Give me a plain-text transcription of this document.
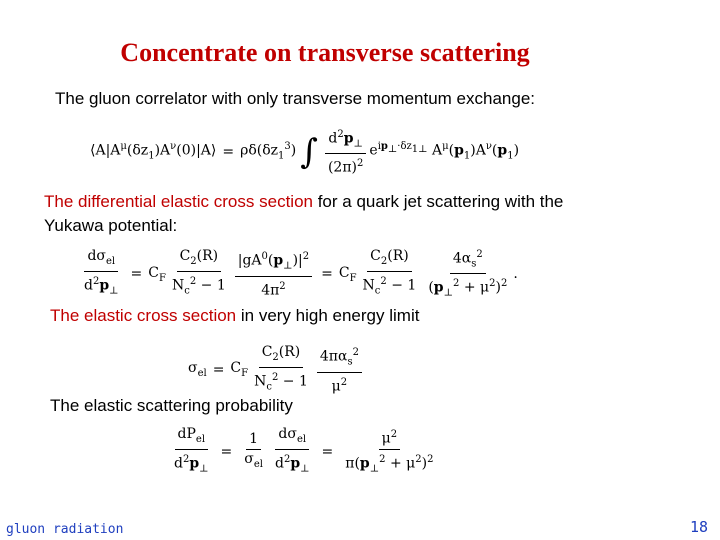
Concentrate on transverse scattering
The gluon correlator with only transverse momentum exchange:
$⟨A|A^\mu(\delta z_1)A^\nu(0)|A⟩ = \rho\delta(\delta z_1^3)$ ∫ $\frac{d^2p_\perp}{(2\pi)^2} e^{ip_\perp\cdot\delta z_{1\perp}}$ $A^\mu(p_1)A^\nu(p_1)$
The differential elastic cross section for a quark jet scattering with the
Yukawa potential:
$\frac{d\sigma_{el}}{d^2p_\perp} = C_F \frac{C_2(R)}{N_c^2 - 1} \frac{|gA^0(p_\perp)|^2}{4\pi^2} = C_F \frac{C_2(R)}{N_c^2 - 1} \frac{4\alpha_s^2}{(p_\perp^2 + \mu^2)^2}$ .
The elastic cross section in very high energy limit
$\sigma_{el} = C_F \frac{C_2(R)}{N_c^2 - 1} \frac{4\pi\alpha_s^2}{\mu^2}$
The elastic scattering probability
$\frac{dP_{el}}{d^2p_\perp} = \frac{1}{\sigma_{el}} \frac{d\sigma_{el}}{d^2p_\perp} = \frac{\mu^2}{\pi(p_\perp^2 + \mu^2)^2}$
gluon radiation	18
